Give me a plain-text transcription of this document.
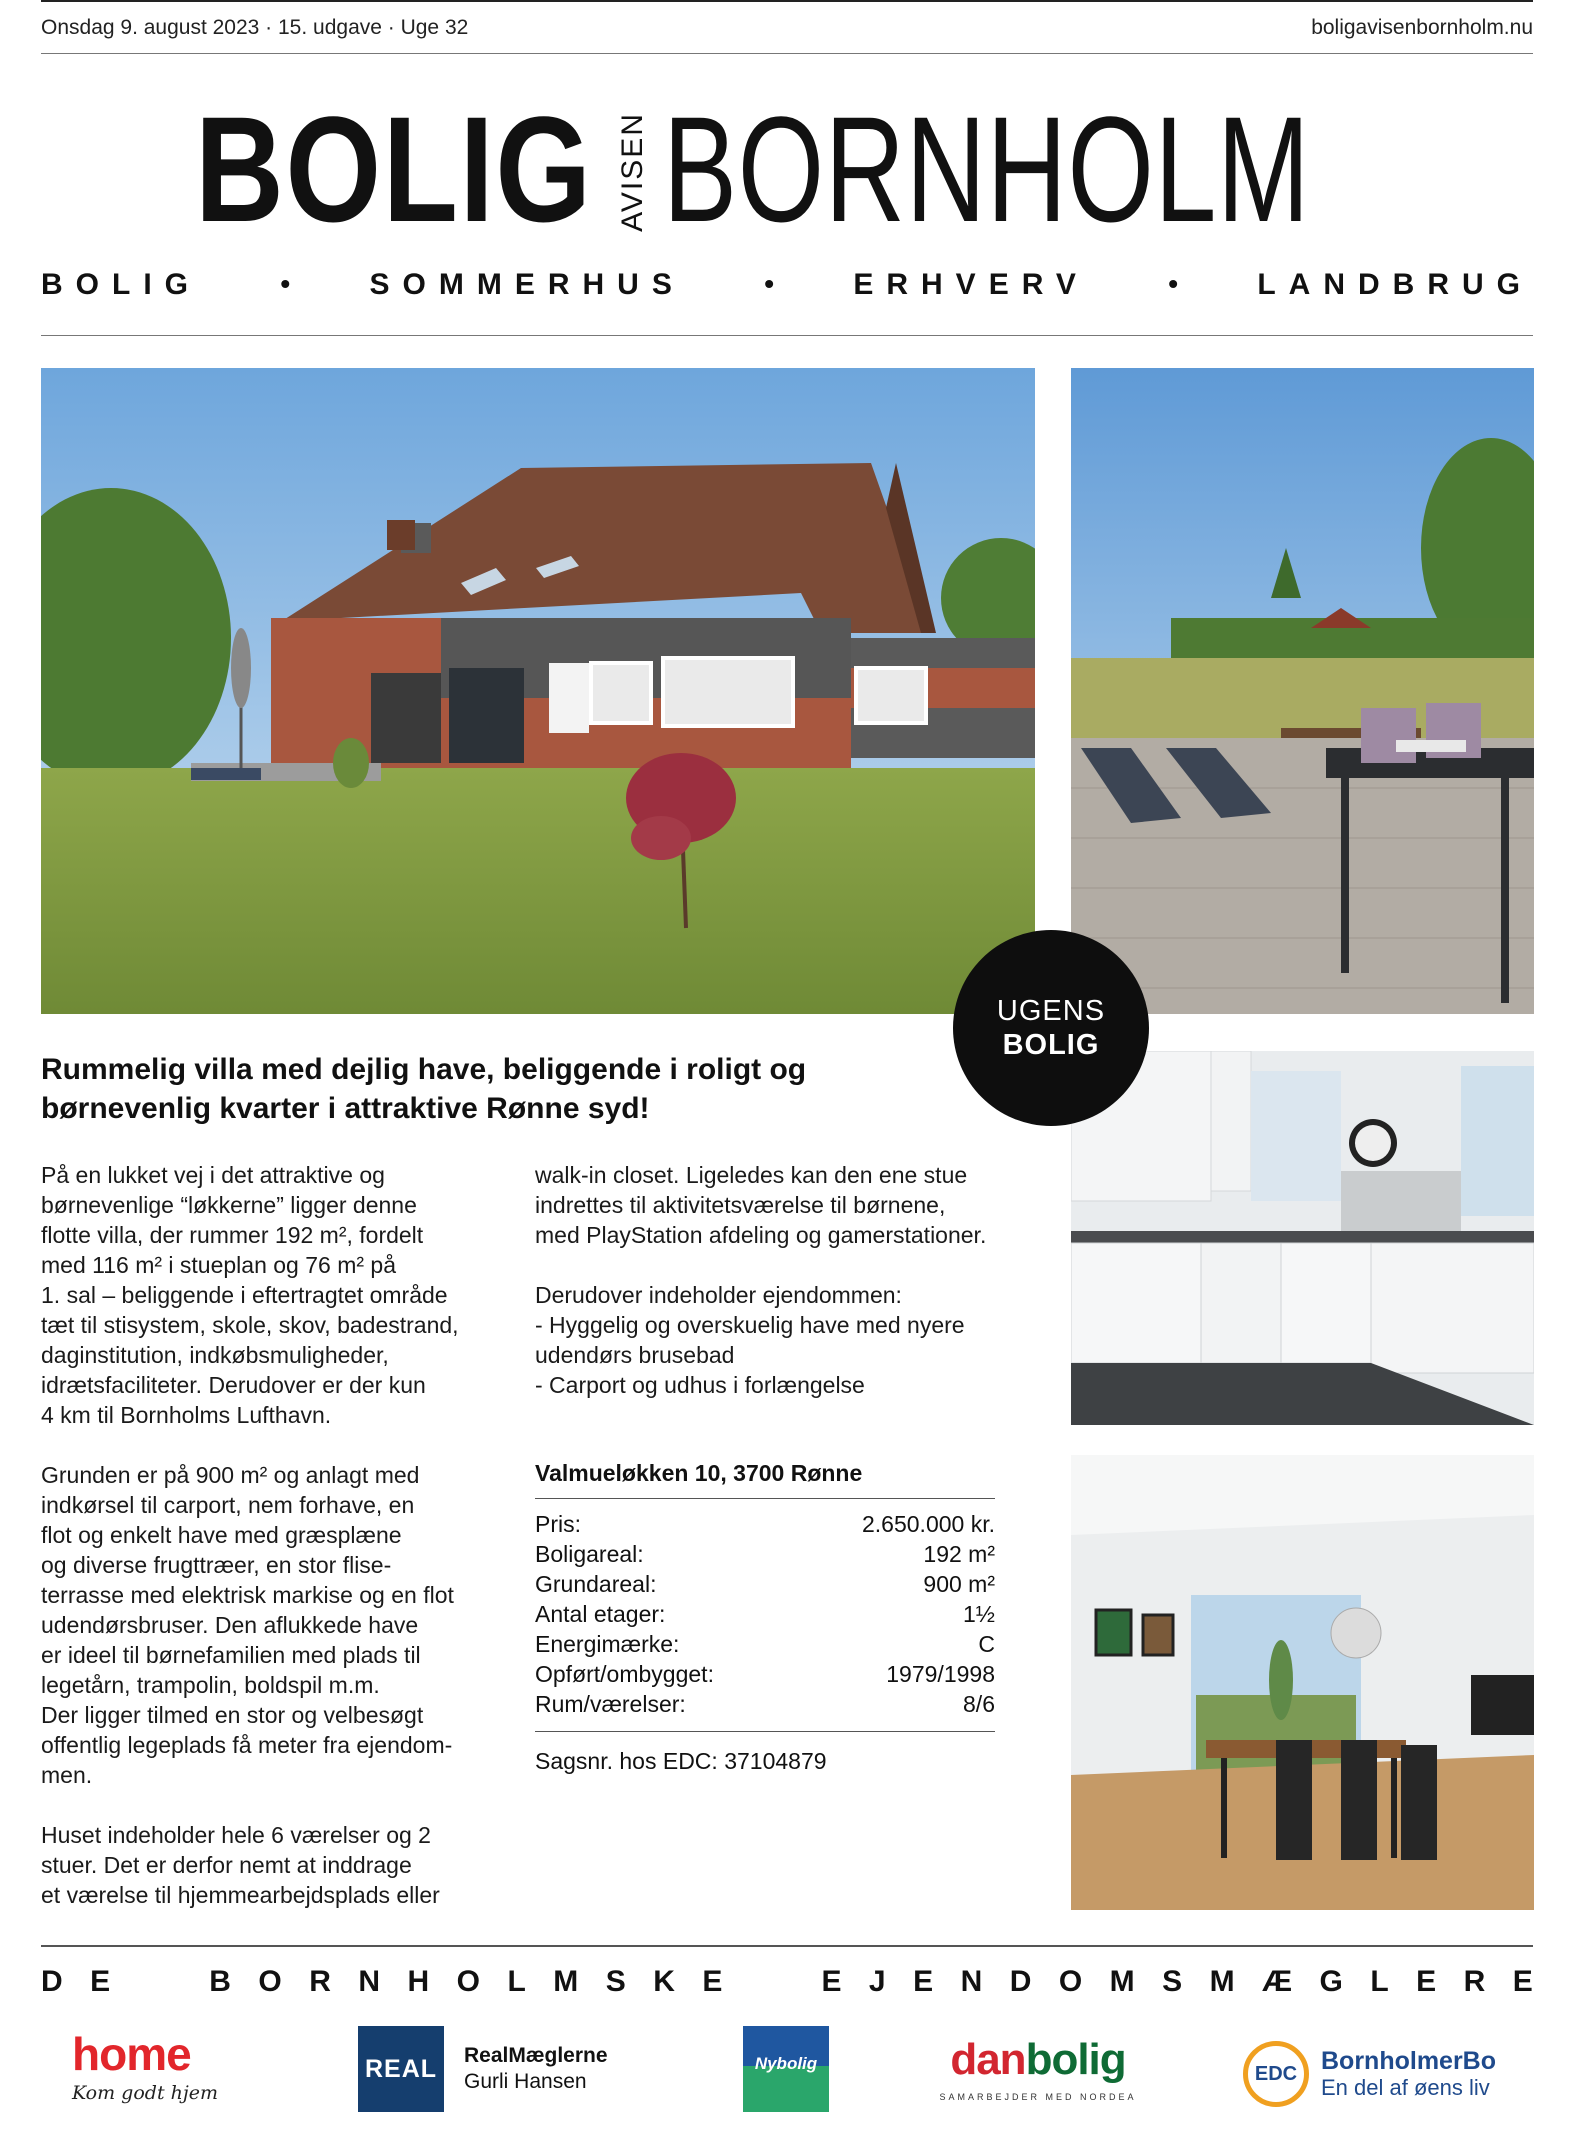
Onsdag 9. august 2023 · 15. udgave · Uge 32	boligavisenbornholm.nu
BOLIG AVISEN BORNHOLM
BOLIG	•	SOMMERHUS	•	ERHVERV	•	LANDBRUG
UGENS
BOLIG
Rummelig villa med dejlig have, beliggende i roligt og børnevenlig kvarter i attraktive Rønne syd!
På en lukket vej i det attraktive og
børnevenlige “løkkerne” ligger denne
flotte villa, der rummer 192 m², fordelt
med 116 m² i stueplan og 76 m² på
1. sal – beliggende i eftertragtet område
tæt til stisystem, skole, skov, badestrand,
daginstitution, indkøbsmuligheder,
idrætsfaciliteter. Derudover er der kun
4 km til Bornholms Lufthavn.

Grunden er på 900 m² og anlagt med
indkørsel til carport, nem forhave, en
flot og enkelt have med græsplæne
og diverse frugttræer, en stor flise-
terrasse med elektrisk markise og en flot
udendørsbruser. Den aflukkede have
er ideel til børnefamilien med plads til
legetårn, trampolin, boldspil m.m.
Der ligger tilmed en stor og velbesøgt
offentlig legeplads få meter fra ejendom-
men.

Huset indeholder hele 6 værelser og 2
stuer. Det er derfor nemt at inddrage
et værelse til hjemmearbejdsplads eller
walk-in closet. Ligeledes kan den ene stue
indrettes til aktivitetsværelse til børnene,
med PlayStation afdeling og gamerstationer.

Derudover indeholder ejendommen:
- Hyggelig og overskuelig have med nyere
udendørs brusebad
- Carport og udhus i forlængelse
Valmueløkken 10, 3700 Rønne
Pris:	2.650.000 kr.
Boligareal:	192 m²
Grundareal:	900 m²
Antal etager:	1½
Energimærke:	C
Opført/ombygget:	1979/1998
Rum/værelser:	8/6
Sagsnr. hos EDC: 37104879
D E

	B O R N H O L M S K E

	E J E N D O M S M Æ G L E R E
home
Kom godt hjem
REAL	RealMæglerne
Gurli Hansen
Nybolig	danbolig
SAMARBEJDER MED NORDEA
EDC BornholmerBo
En del af øens liv
